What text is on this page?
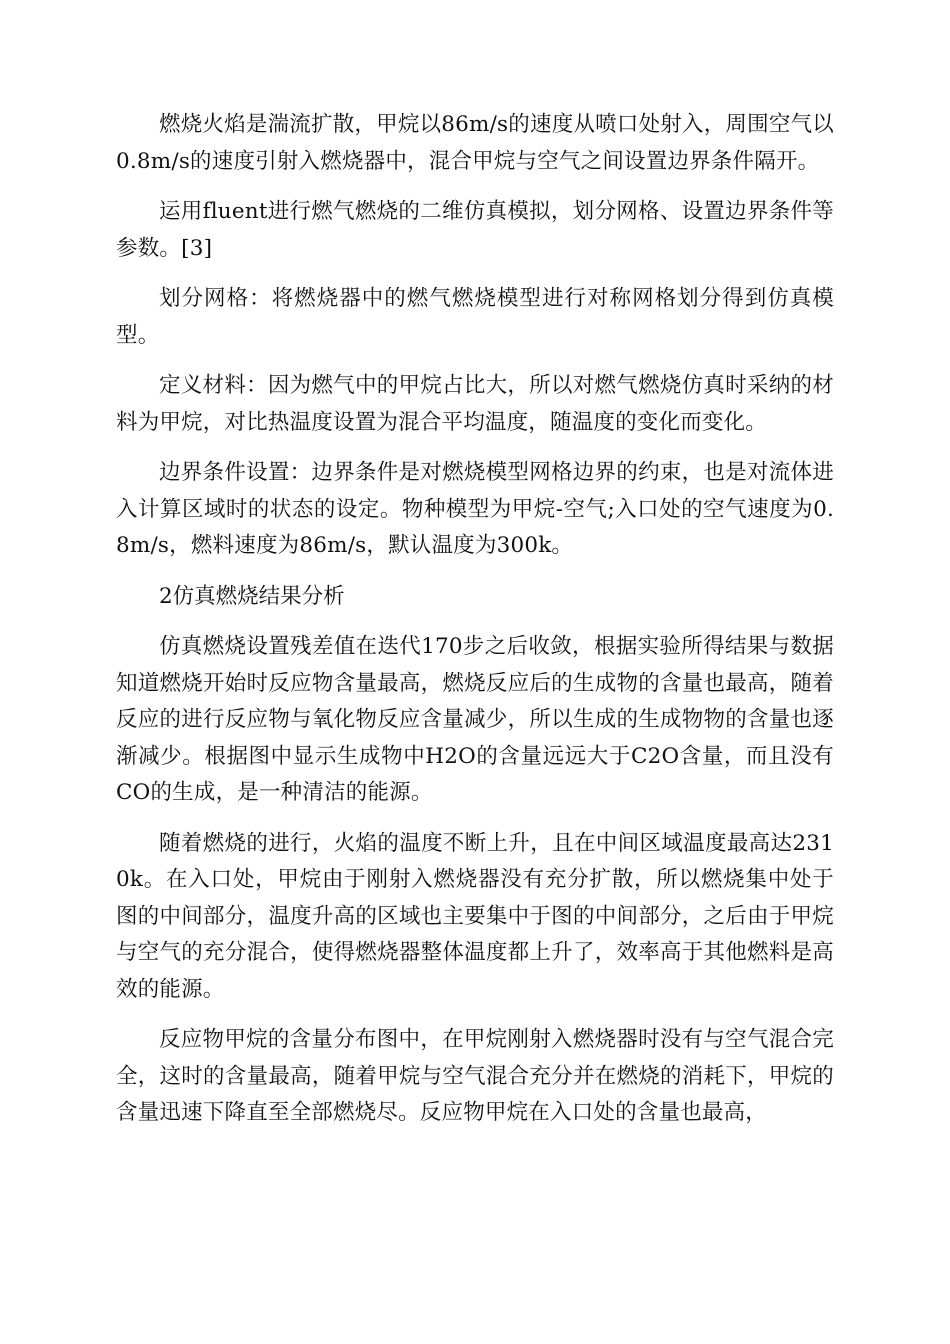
燃烧火焰是湍流扩散，甲烷以86m/s的速度从喷口处射入，周围空气以0.8m/s的速度引射入燃烧器中，混合甲烷与空气之间设置边界条件隔开。

运用fluent进行燃气燃烧的二维仿真模拟，划分网格、设置边界条件等参数。[3]

划分网格：将燃烧器中的燃气燃烧模型进行对称网格划分得到仿真模型。

定义材料：因为燃气中的甲烷占比大，所以对燃气燃烧仿真时采纳的材料为甲烷，对比热温度设置为混合平均温度，随温度的变化而变化。

边界条件设置：边界条件是对燃烧模型网格边界的约束，也是对流体进入计算区域时的状态的设定。物种模型为甲烷-空气;入口处的空气速度为0.8m/s，燃料速度为86m/s，默认温度为300k。

2仿真燃烧结果分析

仿真燃烧设置残差值在迭代170步之后收敛，根据实验所得结果与数据知道燃烧开始时反应物含量最高，燃烧反应后的生成物的含量也最高，随着反应的进行反应物与氧化物反应含量减少，所以生成的生成物物的含量也逐渐减少。根据图中显示生成物中H2O的含量远远大于C2O含量，而且没有CO的生成，是一种清洁的能源。

随着燃烧的进行，火焰的温度不断上升，且在中间区域温度最高达2310k。在入口处，甲烷由于刚射入燃烧器没有充分扩散，所以燃烧集中处于图的中间部分，温度升高的区域也主要集中于图的中间部分，之后由于甲烷与空气的充分混合，使得燃烧器整体温度都上升了，效率高于其他燃料是高效的能源。

反应物甲烷的含量分布图中，在甲烷刚射入燃烧器时没有与空气混合完全，这时的含量最高，随着甲烷与空气混合充分并在燃烧的消耗下，甲烷的含量迅速下降直至全部燃烧尽。反应物甲烷在入口处的含量也最高，
